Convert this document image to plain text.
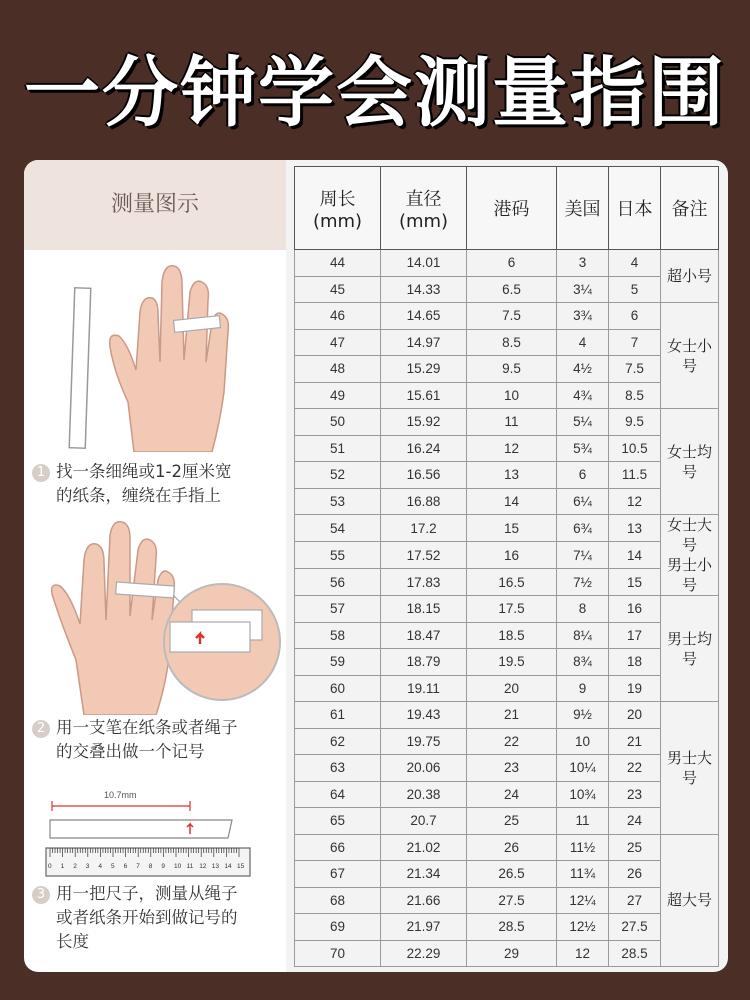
一分钟学会测量指围
测量图示
1 找一条细绳或1-2厘米宽
的纸条，缠绕在手指上
2 用一支笔在纸条或者绳子
的交叠出做一个记号
10.7mm
0 1 2 3 4 5 6 7 8 9 10 11 12 13 14 15
3 用一把尺子，测量从绳子
或者纸条开始到做记号的
长度
周长(mm)	直径(mm)	港码	美国	日本	备注
44	14.01	6	3	4	超小号
45	14.33	6.5	3¼	5	
46	14.65	7.5	3¾	6	女士小号
47	14.97	8.5	4	7	
48	15.29	9.5	4½	7.5	
49	15.61	10	4¾	8.5	
50	15.92	11	5¼	9.5	女士均号
51	16.24	12	5¾	10.5	
52	16.56	13	6	11.5	
53	16.88	14	6¼	12	
54	17.2	15	6¾	13	女士大号
男士小号
55	17.52	16	7¼	14	
56	17.83	16.5	7½	15	
57	18.15	17.5	8	16	男士均号
58	18.47	18.5	8¼	17	
59	18.79	19.5	8¾	18	
60	19.11	20	9	19	
61	19.43	21	9½	20	男士大号
62	19.75	22	10	21	
63	20.06	23	10¼	22	
64	20.38	24	10¾	23	
65	20.7	25	11	24	
66	21.02	26	11½	25	超大号
67	21.34	26.5	11¾	26	
68	21.66	27.5	12¼	27	
69	21.97	28.5	12½	27.5	
70	22.29	29	12	28.5	
